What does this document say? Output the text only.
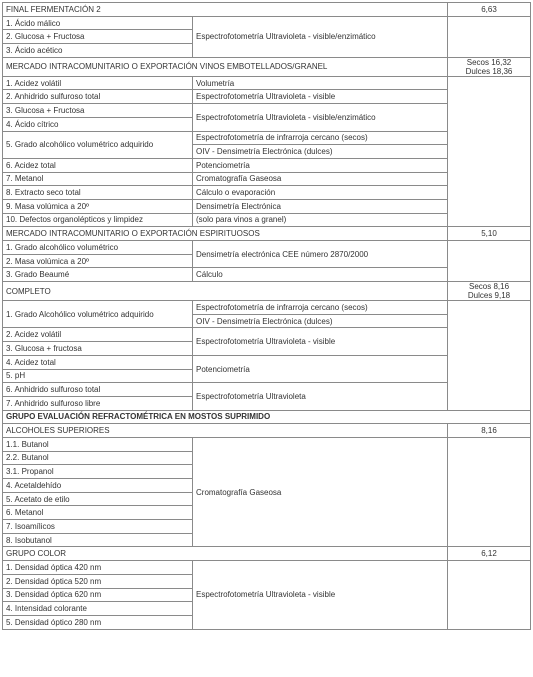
FINAL FERMENTACIÓN 2		6,63
1. Ácido málico	Espectrofotometría Ultravioleta - visible/enzimático	
2. Glucosa + Fructosa		
3. Ácido acético		
MERCADO INTRACOMUNITARIO O EXPORTACIÓN VINOS EMBOTELLADOS/GRANEL		Secos 16,32
Dulces 18,36

1. Acidez volátil	Volumetría	
2. Anhidrido sulfuroso total	Espectrofotometría Ultravioleta - visible	
3. Glucosa + Fructosa	Espectrofotometría Ultravioleta - visible/enzimático	
4. Ácido cítrico		
5. Grado alcohólico volumétrico adquirido	Espectrofotometría de infrarroja cercano (secos)	
	OIV - Densimetría Electrónica (dulces)	
6. Acidez total	Potenciometría	
7. Metanol	Cromatografía Gaseosa	
8. Extracto seco total	Cálculo o evaporación	
9. Masa volúmica a 20º	Densimetría Electrónica	
10. Defectos organolépticos y limpidez	(solo para vinos a granel)	
MERCADO INTRACOMUNITARIO O EXPORTACIÓN ESPIRITUOSOS		5,10
1. Grado alcohólico volumétrico	Densimetría electrónica CEE número 2870/2000	
2. Masa volúmica a 20º		
3. Grado Beaumé	Cálculo	
COMPLETO		Secos 8,16
Dulces 9,18

1. Grado Alcohólico volumétrico adquirido	Espectrofotometría de infrarroja cercano (secos)	
	OIV - Densimetría Electrónica (dulces)	
2. Acidez volátil	Espectrofotometría Ultravioleta - visible	
3. Glucosa + fructosa		
4. Acidez total	Potenciometría	
5. pH		
6. Anhidrido sulfuroso total	Espectrofotometría Ultravioleta	
7. Anhidrido sulfuroso libre		
GRUPO EVALUACIÓN REFRACTOMÉTRICA EN MOSTOS SUPRIMIDO		
ALCOHOLES SUPERIORES		8,16
1.1. Butanol	Cromatografía Gaseosa	
2.2. Butanol		
3.1. Propanol		
4. Acetaldehído		
5. Acetato de etilo		
6. Metanol		
7. Isoamílicos		
8. Isobutanol		
GRUPO COLOR		6,12
1. Densidad óptica 420 nm	Espectrofotometría Ultravioleta - visible	
2. Densidad óptica 520 nm		
3. Densidad óptica 620 nm		
4. Intensidad colorante		
5. Densidad óptico 280 nm		
